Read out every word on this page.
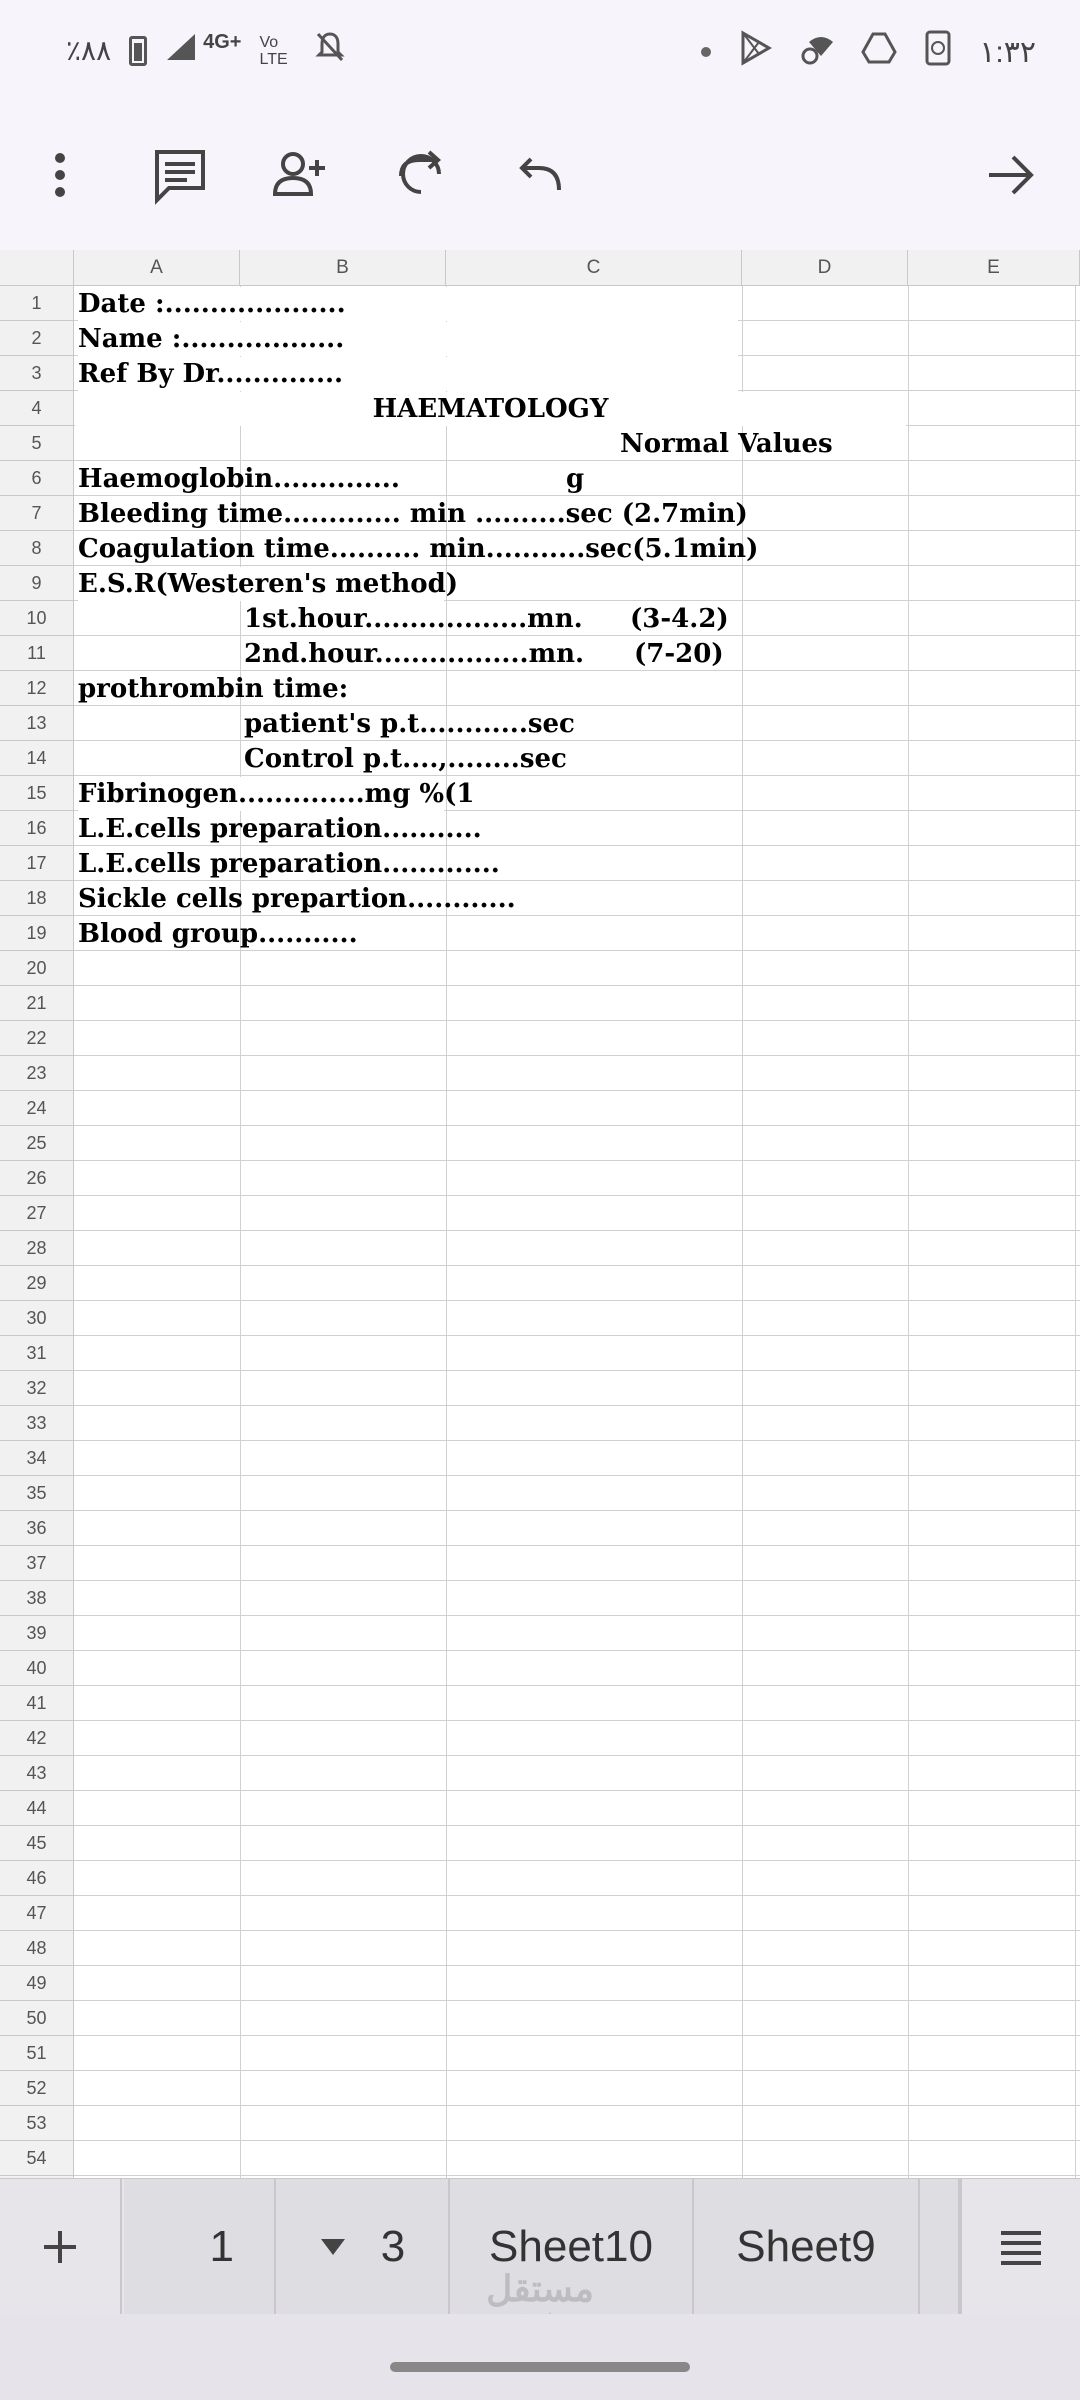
٪٨٨	4G+ Vo LTE	١:٣٢
A	B	C	D	E
Date :....................
Name :..................
Ref By Dr..............
HAEMATOLOGY
Normal Values
Haemoglobin..............	g
Bleeding time............. min ..........sec (2.7min)
Coagulation time.......... min...........sec(5.1min)
E.S.R(Westeren's method)
1st.hour..................mn. (3-4.2)
2nd.hour.................mn. (7-20)
prothrombin time:
patient's p.t............sec
Control p.t....,........sec
Fibrinogen..............mg %(1
L.E.cells preparation...........
L.E.cells preparation.............
Sickle cells prepartion............
Blood group...........
1
2
3
4
5
6
7
8
9
10
11
12
13
14
15
16
17
18
19
20
21
22
23
24
25
26
27
28
29
30
31
32
33
34
35
36
37
38
39
40
41
42
43
44
45
46
47
48
49
50
51
52
53
54
1	3	Sheet10	Sheet9
مستقل
